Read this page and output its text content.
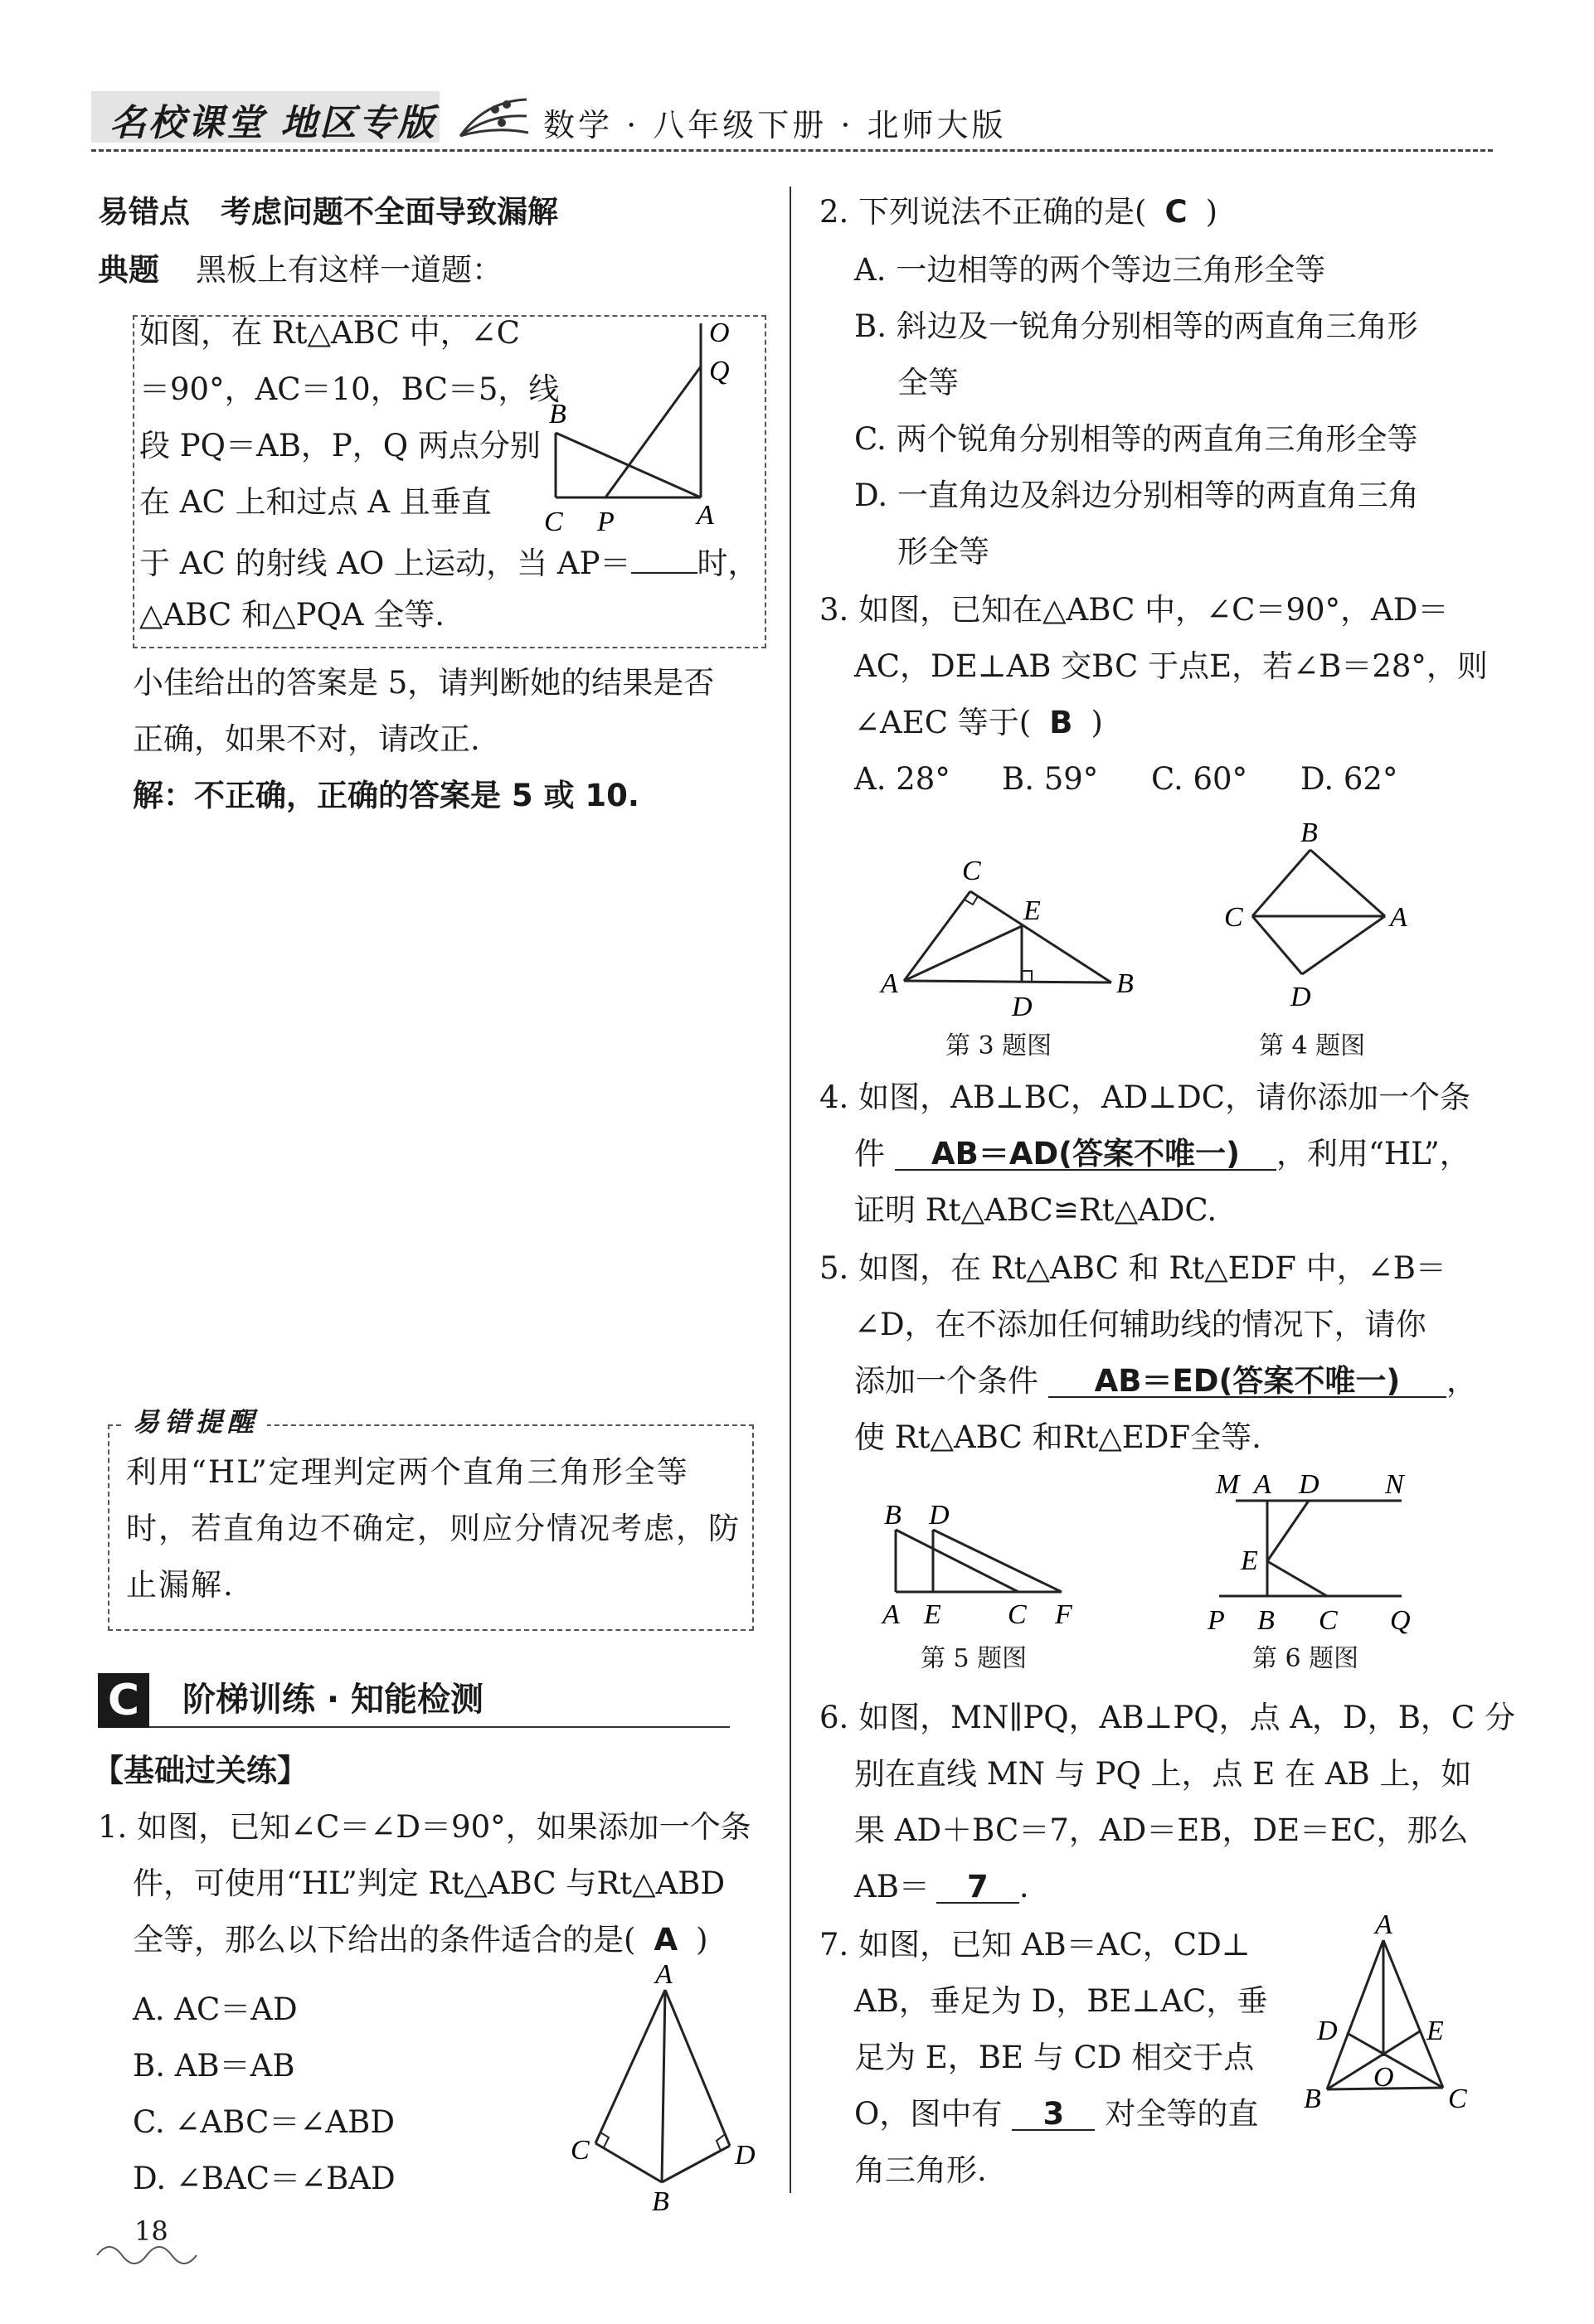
名校课堂 地区专版	数学 · 八年级下册 · 北师大版
易错点　考虑问题不全面导致漏解
典题 黑板上有这样一道题：
如图，在 Rt△ABC 中，∠C
＝90°，AC＝10，BC＝5，线
段 PQ＝AB，P，Q 两点分别
在 AC 上和过点 A 且垂直
于 AC 的射线 AO 上运动，当 AP＝ 时，
△ABC 和△PQA 全等.
O
Q
B
C P	A
小佳给出的答案是 5，请判断她的结果是否
正确，如果不对，请改正.
解：不正确，正确的答案是 5 或 10.
易错提醒
利用“HL”定理判定两个直角三角形全等
时，若直角边不确定，则应分情况考虑，防
止漏解.
C 阶梯训练 · 知能检测
【基础过关练】
1. 如图，已知∠C＝∠D＝90°，如果添加一个条
件，可使用“HL”判定 Rt△ABC 与Rt△ABD
全等，那么以下给出的条件适合的是( A )
A. AC＝AD
B. AB＝AB
C. ∠ABC＝∠ABD
D. ∠BAC＝∠BAD
A
C	D
B
18
2. 下列说法不正确的是( C )
A. 一边相等的两个等边三角形全等
B. 斜边及一锐角分别相等的两直角三角形
全等
C. 两个锐角分别相等的两直角三角形全等
D. 一直角边及斜边分别相等的两直角三角
形全等
3. 如图，已知在△ABC 中，∠C＝90°，AD＝
AC，DE⊥AB 交BC 于点E，若∠B＝28°，则
∠AEC 等于( B )
A. 28° B. 59° C. 60° D. 62°
C
E
A
D
B
第 3 题图
B
C	A
D
第 4 题图
4. 如图，AB⊥BC，AD⊥DC，请你添加一个条
件 AB＝AD(答案不唯一) ，利用“HL”，
证明 Rt△ABC≌Rt△ADC.
5. 如图，在 Rt△ABC 和 Rt△EDF 中，∠B＝
∠D，在不添加任何辅助线的情况下，请你
添加一个条件 AB＝ED(答案不唯一) ，
使 Rt△ABC 和Rt△EDF全等.
B D
A E C F
第 5 题图
M A D N
E
P B C Q
第 6 题图
6. 如图，MN∥PQ，AB⊥PQ，点 A，D，B，C 分
别在直线 MN 与 PQ 上，点 E 在 AB 上，如
果 AD＋BC＝7，AD＝EB，DE＝EC，那么
AB＝ 7 .
7. 如图，已知 AB＝AC，CD⊥
AB，垂足为 D，BE⊥AC，垂
足为 E，BE 与 CD 相交于点
O，图中有 3 对全等的直
角三角形.
A
D	E
O
B	C
